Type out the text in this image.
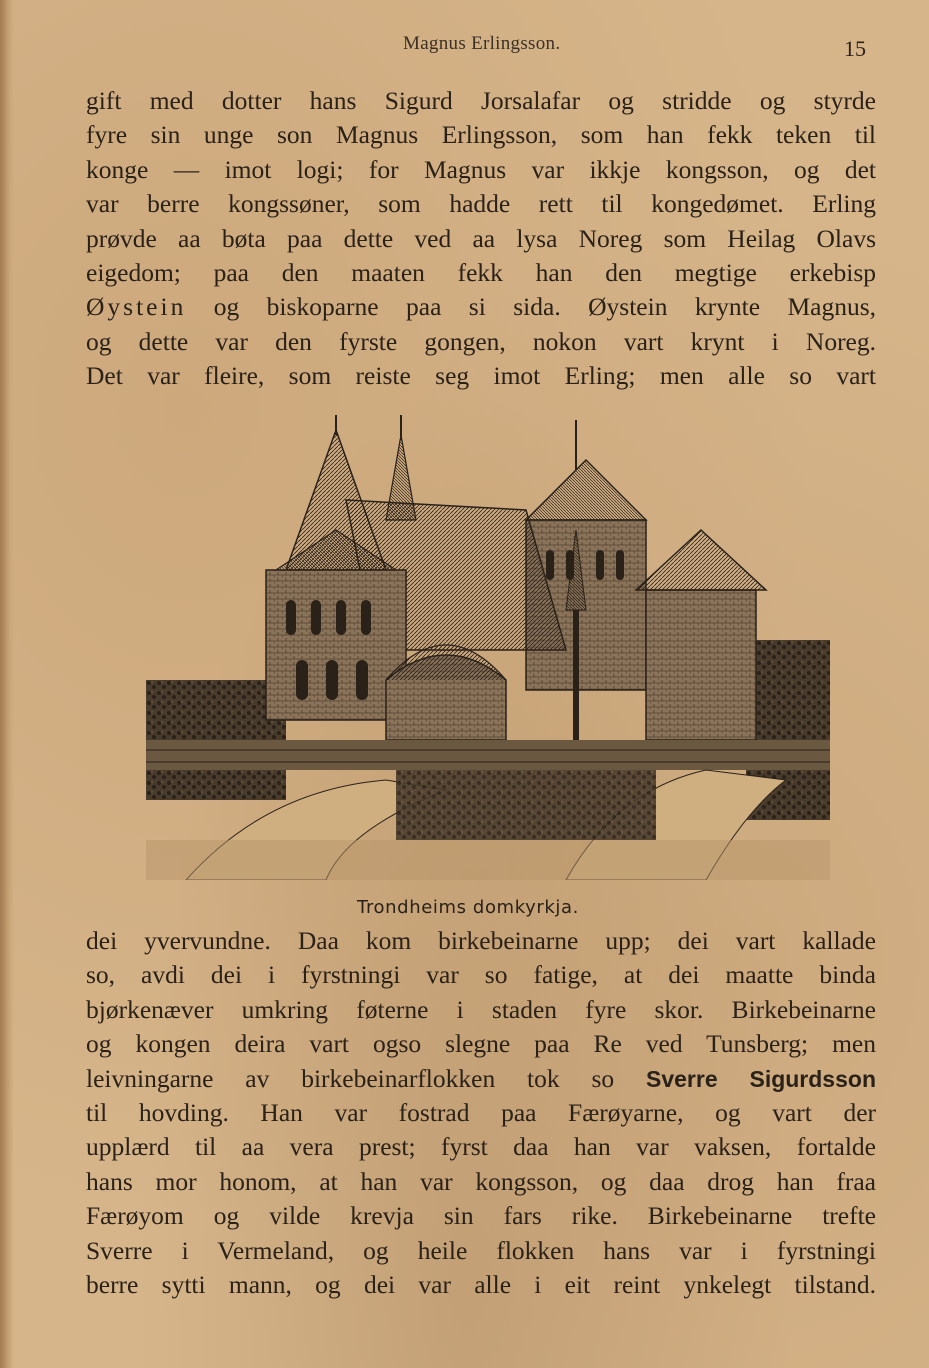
Magnus Erlingsson.	15
gift med dotter hans Sigurd Jorsalafar og stridde og styrde
fyre sin unge son Magnus Erlingsson, som han fekk teken til
konge — imot logi; for Magnus var ikkje kongsson, og det
var berre kongssøner, som hadde rett til kongedømet. Erling
prøvde aa bøta paa dette ved aa lysa Noreg som Heilag Olavs
eigedom; paa den maaten fekk han den megtige erkebisp
Øystein og biskoparne paa si sida. Øystein krynte Magnus,
og dette var den fyrste gongen, nokon vart krynt i Noreg.
Det var fleire, som reiste seg imot Erling; men alle so vart
Trondheims domkyrkja.
dei yvervundne. Daa kom birkebeinarne upp; dei vart kallade
so, avdi dei i fyrstningi var so fatige, at dei maatte binda
bjørkenæver umkring føterne i staden fyre skor. Birkebeinarne
og kongen deira vart ogso slegne paa Re ved Tunsberg; men
leivningarne av birkebeinarflokken tok so Sverre Sigurdsson
til hovding. Han var fostrad paa Færøyarne, og vart der
upplærd til aa vera prest; fyrst daa han var vaksen, fortalde
hans mor honom, at han var kongsson, og daa drog han fraa
Færøyom og vilde krevja sin fars rike. Birkebeinarne trefte
Sverre i Vermeland, og heile flokken hans var i fyrstningi
berre sytti mann, og dei var alle i eit reint ynkelegt tilstand.
